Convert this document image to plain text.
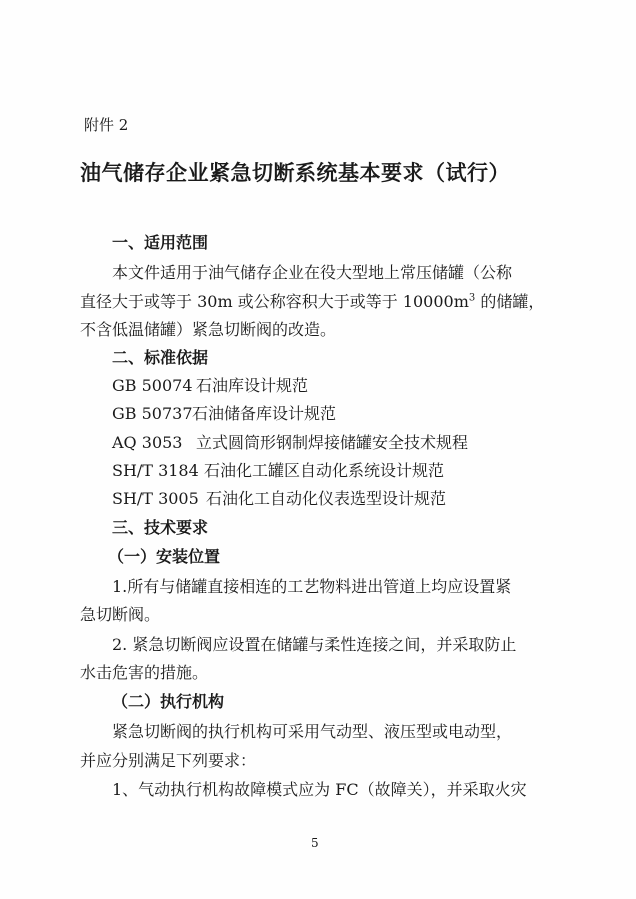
附件 2
油气储存企业紧急切断系统基本要求（试行）
一、适用范围
本文件适用于油气储存企业在役大型地上常压储罐（公称
直径大于或等于 30m 或公称容积大于或等于 $10000m^3$ 的储罐，
不含低温储罐）紧急切断阀的改造。
二、标准依据
GB 50074 石油库设计规范
GB 50737石油储备库设计规范
AQ 3053 立式圆筒形钢制焊接储罐安全技术规程
SH/T 3184 石油化工罐区自动化系统设计规范
SH/T 3005 石油化工自动化仪表选型设计规范
三、技术要求
（一）安装位置
1.所有与储罐直接相连的工艺物料进出管道上均应设置紧
急切断阀。
2. 紧急切断阀应设置在储罐与柔性连接之间，并采取防止
水击危害的措施。
（二）执行机构
紧急切断阀的执行机构可采用气动型、液压型或电动型，
并应分别满足下列要求：
1、气动执行机构故障模式应为 FC（故障关），并采取火灾
5
